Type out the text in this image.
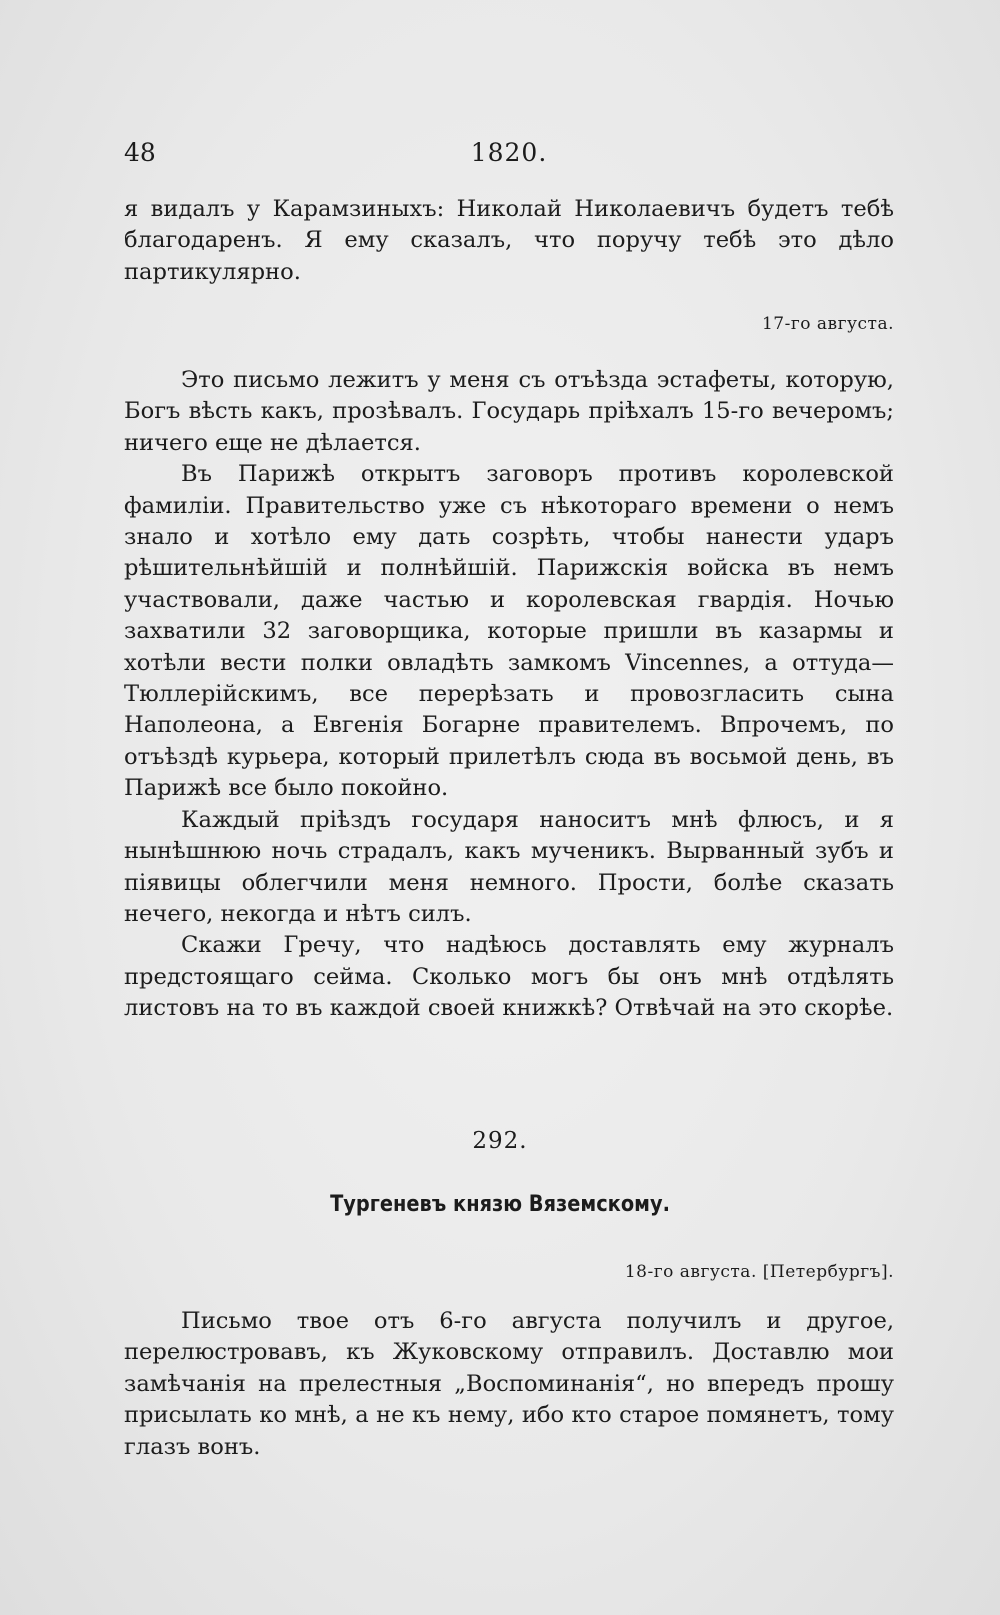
48	1820.

я видалъ у Карамзиныхъ: Николай Николаевичъ будетъ тебѣ благодаренъ. Я ему сказалъ, что поручу тебѣ это дѣло партикулярно.

17-го августа.

Это письмо лежитъ у меня съ отъѣзда эстафеты, которую, Богъ вѣсть какъ, прозѣвалъ. Государь пріѣхалъ 15-го вечеромъ; ничего еще не дѣлается.

Въ Парижѣ открытъ заговоръ противъ королевской фамиліи. Правительство уже съ нѣкотораго времени о немъ знало и хотѣло ему дать созрѣть, чтобы нанести ударъ рѣшительнѣйшій и полнѣйшій. Парижскія войска въ немъ участвовали, даже частью и королевская гвардія. Ночью захватили 32 заговорщика, которые пришли въ казармы и хотѣли вести полки овладѣть замкомъ Vincennes, а оттуда—Тюллерійскимъ, все перерѣзать и провозгласить сына Наполеона, а Евгенія Богарне правителемъ. Впрочемъ, по отъѣздѣ курьера, который прилетѣлъ сюда въ восьмой день, въ Парижѣ все было покойно.

Каждый пріѣздъ государя наноситъ мнѣ флюсъ, и я нынѣшнюю ночь страдалъ, какъ мученикъ. Вырванный зубъ и піявицы облегчили меня немного. Прости, болѣе сказать нечего, некогда и нѣтъ силъ.

Скажи Гречу, что надѣюсь доставлять ему журналъ предстоящаго сейма. Сколько могъ бы онъ мнѣ отдѣлять листовъ на то въ каждой своей книжкѣ? Отвѣчай на это скорѣе.

292.
Тургеневъ князю Вяземскому.
18-го августа. [Петербургъ].

Письмо твое отъ 6-го августа получилъ и другое, перелюстровавъ, къ Жуковскому отправилъ. Доставлю мои замѣчанія на прелестныя „Воспоминанія“, но впередъ прошу присылать ко мнѣ, а не къ нему, ибо кто старое помянетъ, тому глазъ вонъ.
